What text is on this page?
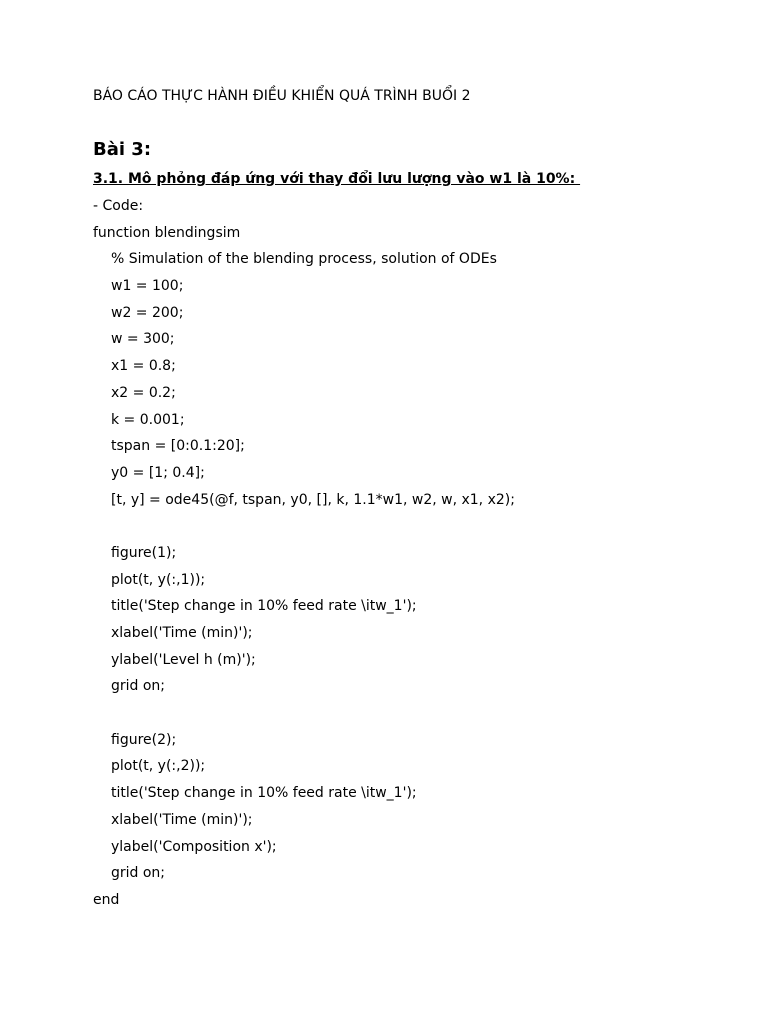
BÁO CÁO THỰC HÀNH ĐIỀU KHIỂN QUÁ TRÌNH BUỔI 2
Bài 3:
3.1. Mô phỏng đáp ứng với thay đổi lưu lượng vào w1 là 10%:
- Code:
function blendingsim
% Simulation of the blending process, solution of ODEs
w1 = 100;
w2 = 200;
w = 300;
x1 = 0.8;
x2 = 0.2;
k = 0.001;
tspan = [0:0.1:20];
y0 = [1; 0.4];
[t, y] = ode45(@f, tspan, y0, [], k, 1.1*w1, w2, w, x1, x2);
figure(1);
plot(t, y(:,1));
title('Step change in 10% feed rate \itw_1');
xlabel('Time (min)');
ylabel('Level h (m)');
grid on;
figure(2);
plot(t, y(:,2));
title('Step change in 10% feed rate \itw_1');
xlabel('Time (min)');
ylabel('Composition x');
grid on;
end
